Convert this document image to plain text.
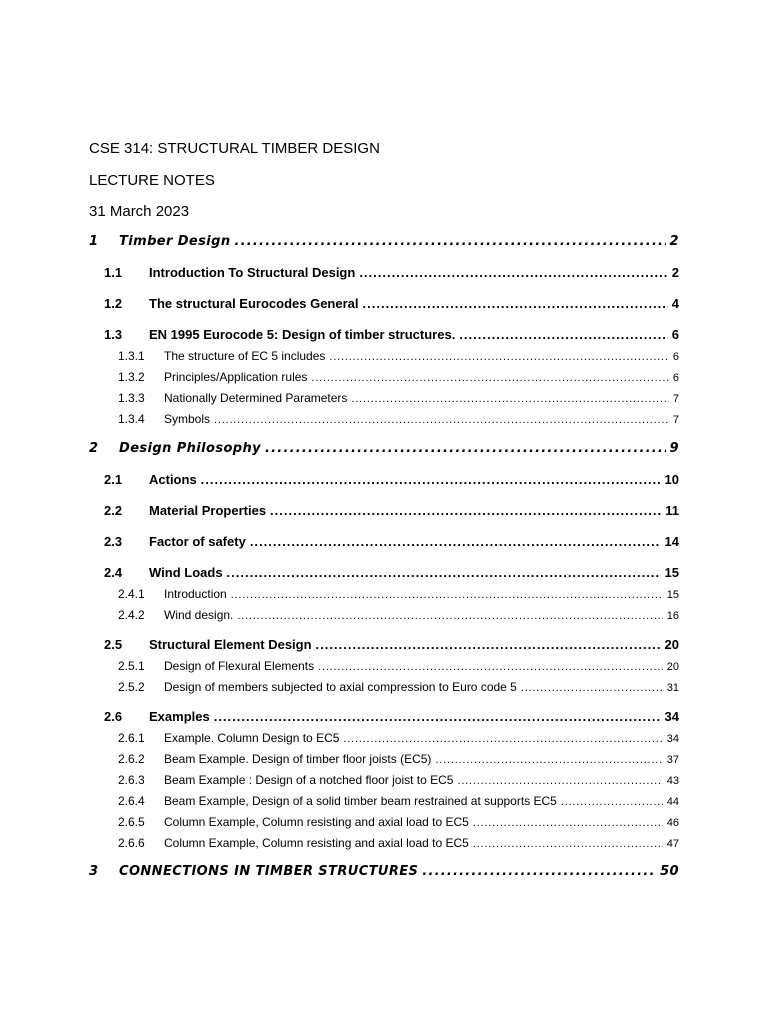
CSE 314: STRUCTURAL TIMBER DESIGN
LECTURE NOTES
31 March 2023
1	Timber Design .....	2
1.1	Introduction To Structural Design .....	2
1.2	The structural Eurocodes General .....	4
1.3	EN 1995 Eurocode 5: Design of timber structures. .....	6
1.3.1	The structure of EC 5 includes .....	6
1.3.2	Principles/Application rules .....	6
1.3.3	Nationally Determined Parameters .....	7
1.3.4	Symbols .....	7
2	Design Philosophy .....	9
2.1	Actions .....	10
2.2	Material Properties .....	11
2.3	Factor of safety .....	14
2.4	Wind Loads .....	15
2.4.1	Introduction .....	15
2.4.2	Wind design. .....	16
2.5	Structural Element Design .....	20
2.5.1	Design of Flexural Elements .....	20
2.5.2	Design of members subjected to axial compression to Euro code 5 .....	31
2.6	Examples .....	34
2.6.1	Example. Column Design to EC5 .....	34
2.6.2	Beam Example. Design of timber floor joists (EC5) .....	37
2.6.3	Beam Example : Design of a notched floor joist to EC5 .....	43
2.6.4	Beam Example, Design of a solid timber beam restrained at supports EC5 .....	44
2.6.5	Column Example, Column resisting and axial load to EC5 .....	46
2.6.6	Column Example, Column resisting and axial load to EC5 .....	47
3	CONNECTIONS IN TIMBER STRUCTURES .....	50
